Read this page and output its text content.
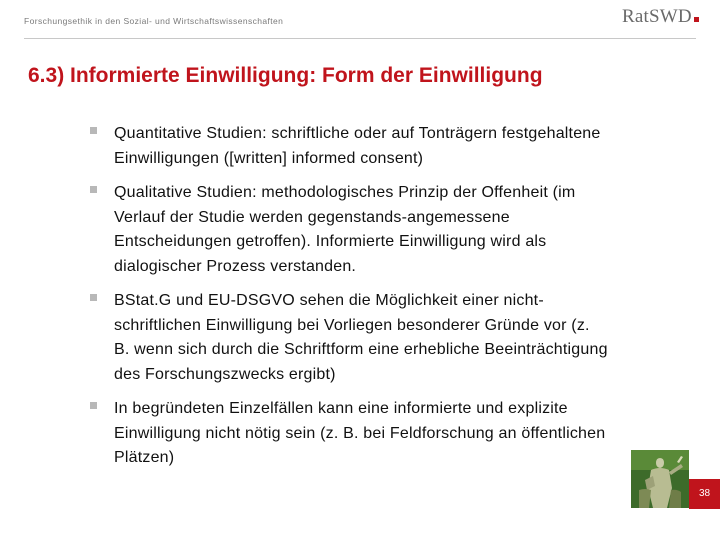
Forschungsethik in den Sozial- und Wirtschaftswissenschaften	RatSWD
6.3) Informierte Einwilligung: Form der Einwilligung
Quantitative Studien: schriftliche oder auf Tonträgern festgehaltene Einwilligungen ([written] informed consent)
Qualitative Studien: methodologisches Prinzip der Offenheit (im Verlauf der Studie werden gegenstands-angemessene Entscheidungen getroffen). Informierte Einwilligung wird als dialogischer Prozess verstanden.
BStat.G und EU-DSGVO sehen die Möglichkeit einer nicht-schriftlichen Einwilligung bei Vorliegen besonderer Gründe vor (z. B. wenn sich durch die Schriftform eine erhebliche Beeinträchtigung des Forschungszwecks ergibt)
In begründeten Einzelfällen kann eine informierte und explizite Einwilligung nicht nötig sein (z. B. bei Feldforschung an öffentlichen Plätzen)
38
